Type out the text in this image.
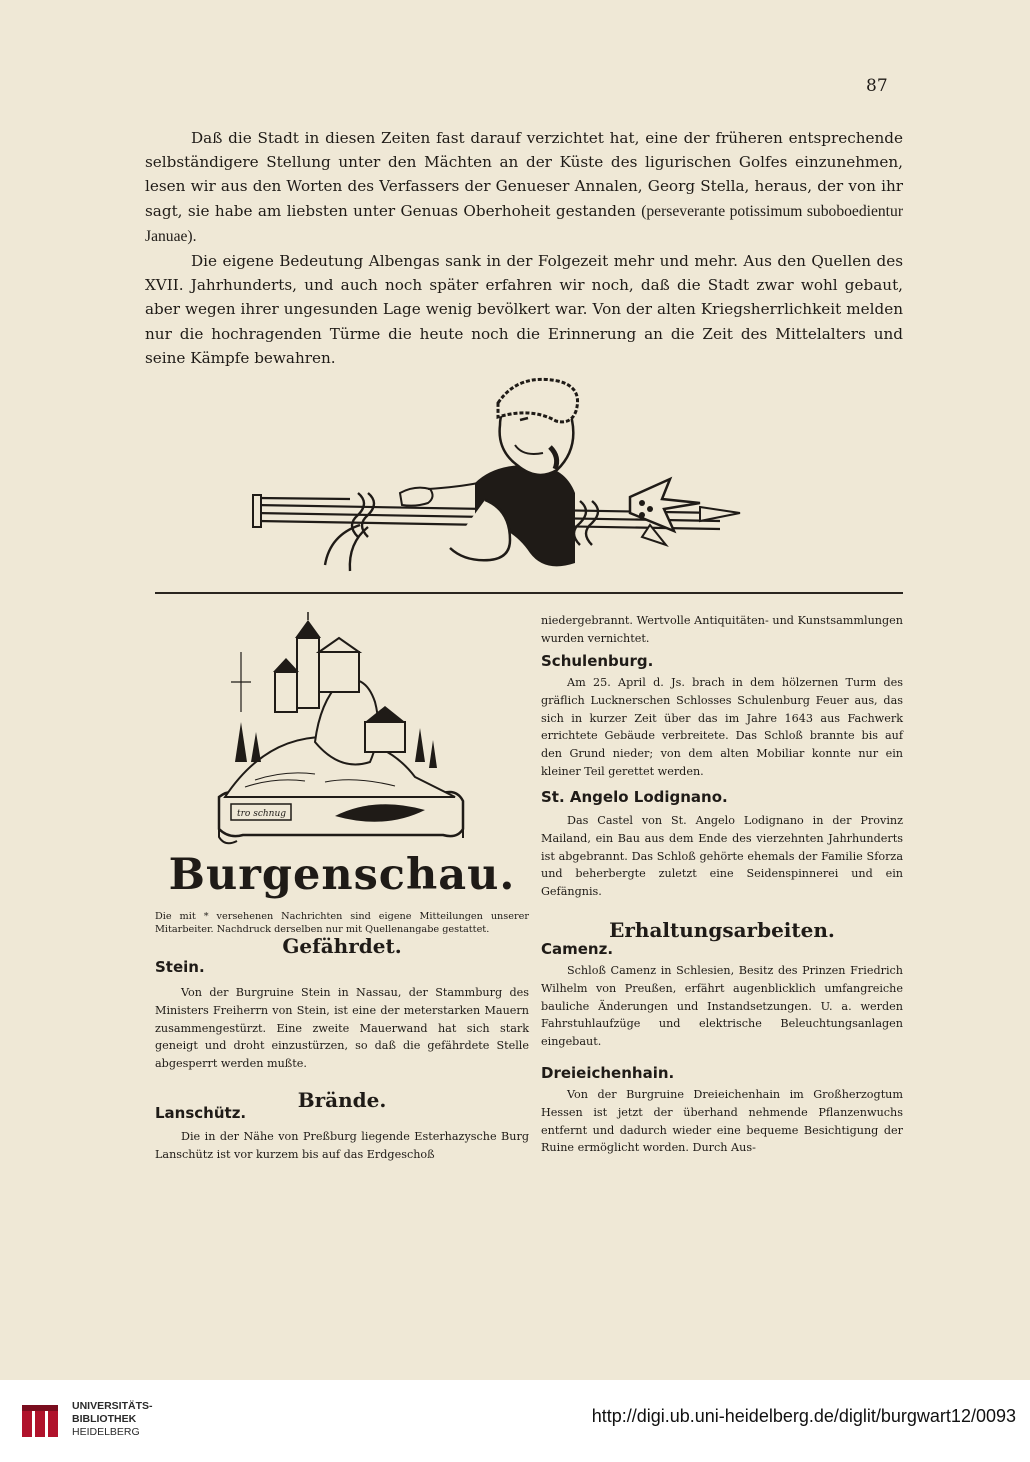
87

Daß die Stadt in diesen Zeiten fast darauf verzichtet hat, eine der früheren entsprechende selbständigere Stellung unter den Mächten an der Küste des ligurischen Golfes einzunehmen, lesen wir aus den Worten des Verfassers der Genueser Annalen, Georg Stella, heraus, der von ihr sagt, sie habe am liebsten unter Genuas Oberhoheit gestanden (perseverante potissimum suboboedientur Januae).

Die eigene Bedeutung Albengas sank in der Folgezeit mehr und mehr. Aus den Quellen des XVII. Jahrhunderts, und auch noch später erfahren wir noch, daß die Stadt zwar wohl gebaut, aber wegen ihrer ungesunden Lage wenig bevölkert war. Von der alten Kriegsherrlichkeit melden nur die hochragenden Türme die heute noch die Erinnerung an die Zeit des Mittelalters und seine Kämpfe bewahren.

tro schnug
Burgenschau.

Die mit * versehenen Nachrichten sind eigene Mitteilungen unserer Mitarbeiter. Nachdruck derselben nur mit Quellenangabe gestattet.

Gefährdet.
Stein.

Von der Burgruine Stein in Nassau, der Stammburg des Ministers Freiherrn von Stein, ist eine der meterstarken Mauern zusammengestürzt. Eine zweite Mauerwand hat sich stark geneigt und droht einzustürzen, so daß die gefährdete Stelle abgesperrt werden mußte.

Brände.
Lanschütz.

Die in der Nähe von Preßburg liegende Esterhazysche Burg Lanschütz ist vor kurzem bis auf das Erdgeschoß

niedergebrannt. Wertvolle Antiquitäten- und Kunstsammlungen wurden vernichtet.

Schulenburg.

Am 25. April d. Js. brach in dem hölzernen Turm des gräflich Lucknerschen Schlosses Schulenburg Feuer aus, das sich in kurzer Zeit über das im Jahre 1643 aus Fachwerk errichtete Gebäude verbreitete. Das Schloß brannte bis auf den Grund nieder; von dem alten Mobiliar konnte nur ein kleiner Teil gerettet werden.

St. Angelo Lodignano.

Das Castel von St. Angelo Lodignano in der Provinz Mailand, ein Bau aus dem Ende des vierzehnten Jahrhunderts ist abgebrannt. Das Schloß gehörte ehemals der Familie Sforza und beherbergte zuletzt eine Seidenspinnerei und ein Gefängnis.

Erhaltungsarbeiten.
Camenz.

Schloß Camenz in Schlesien, Besitz des Prinzen Friedrich Wilhelm von Preußen, erfährt augenblicklich umfangreiche bauliche Änderungen und Instandsetzungen. U. a. werden Fahrstuhlaufzüge und elektrische Beleuchtungsanlagen eingebaut.

Dreieichenhain.

Von der Burgruine Dreieichenhain im Großherzogtum Hessen ist jetzt der überhand nehmende Pflanzenwuchs entfernt und dadurch wieder eine bequeme Besichtigung der Ruine ermöglicht worden. Durch Aus-

UNIVERSITÄTS-
BIBLIOTHEK
HEIDELBERG
http://digi.ub.uni-heidelberg.de/diglit/burgwart12/0093
